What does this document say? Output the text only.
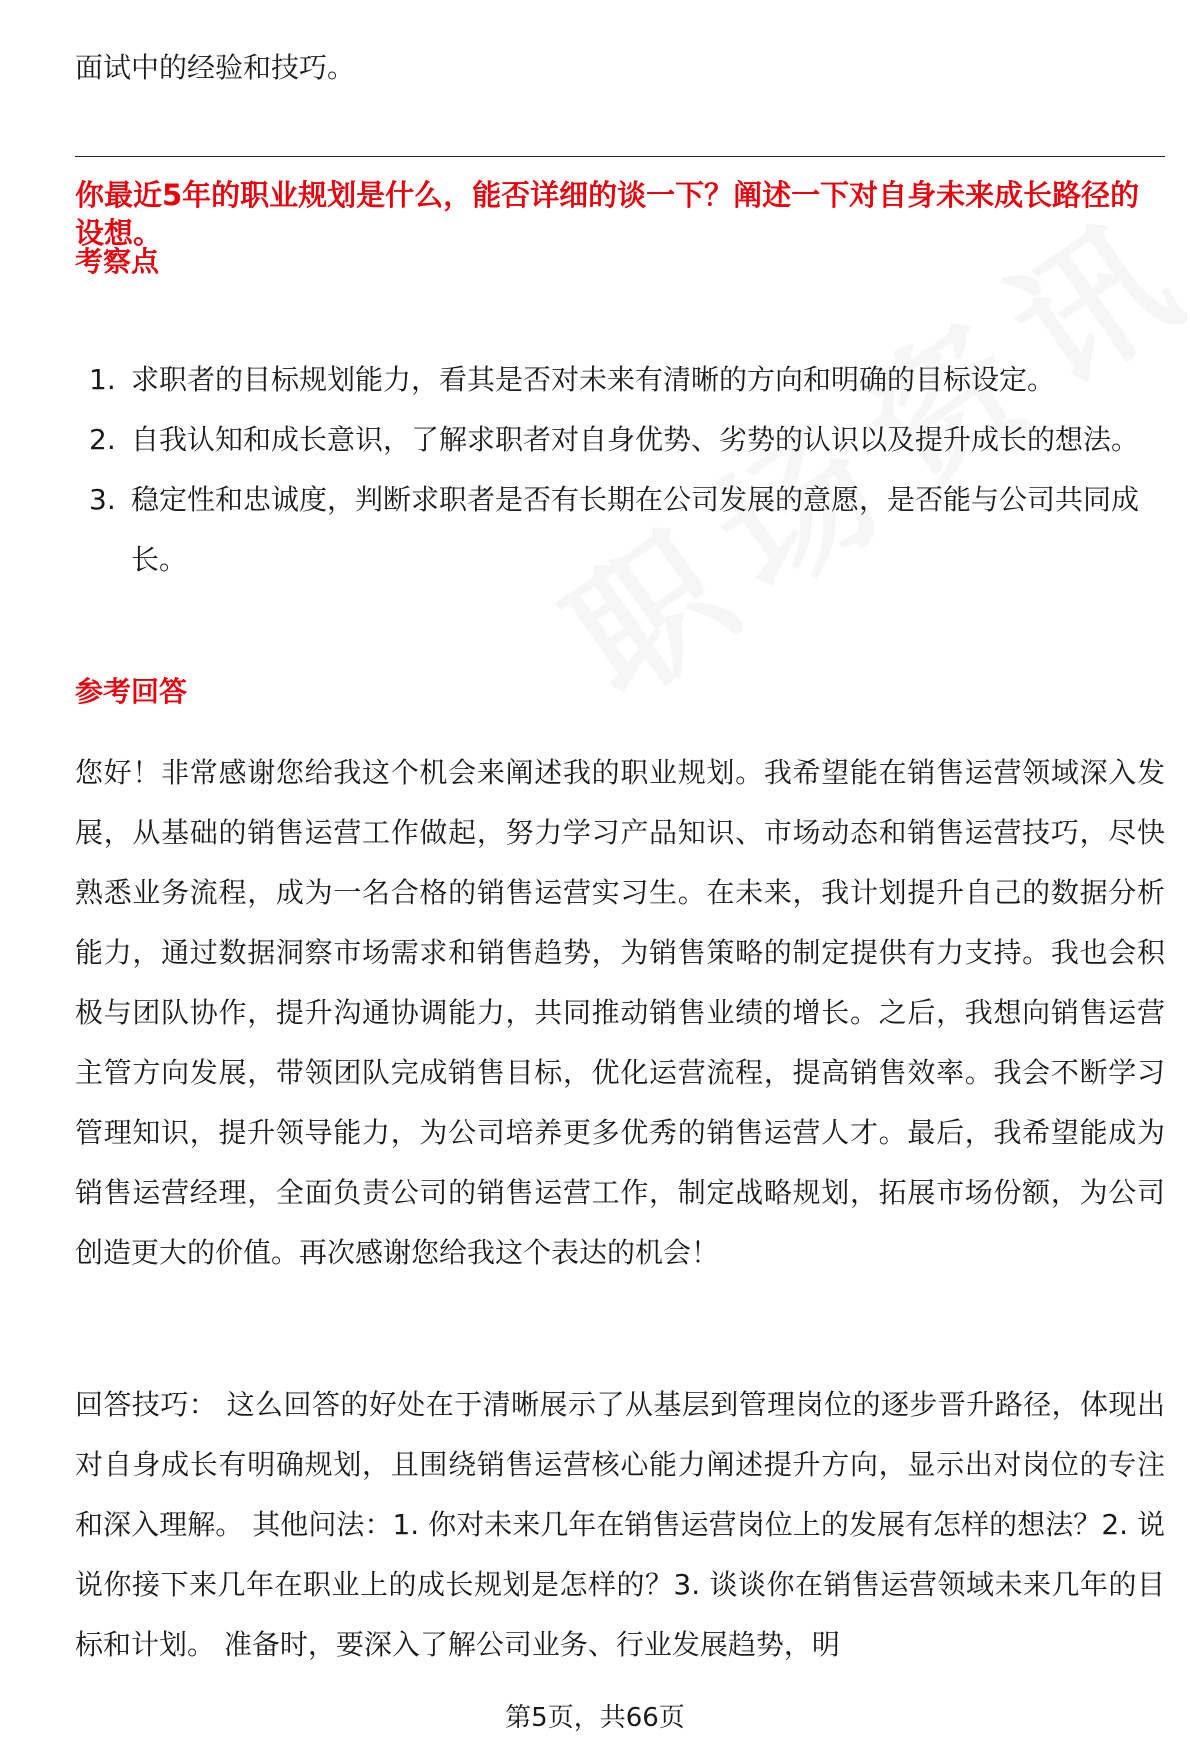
面试中的经验和技巧。
你最近5年的职业规划是什么，能否详细的谈一下？阐述一下对自身未来成长路径的设想。
考察点
1. 求职者的目标规划能力，看其是否对未来有清晰的方向和明确的目标设定。
2. 自我认知和成长意识，了解求职者对自身优势、劣势的认识以及提升成长的想法。
3. 稳定性和忠诚度，判断求职者是否有长期在公司发展的意愿，是否能与公司共同成长。
参考回答

您好！非常感谢您给我这个机会来阐述我的职业规划。我希望能在销售运营领域深入发展，从基础的销售运营工作做起，努力学习产品知识、市场动态和销售运营技巧，尽快熟悉业务流程，成为一名合格的销售运营实习生。在未来，我计划提升自己的数据分析能力，通过数据洞察市场需求和销售趋势，为销售策略的制定提供有力支持。我也会积极与团队协作，提升沟通协调能力，共同推动销售业绩的增长。之后，我想向销售运营主管方向发展，带领团队完成销售目标，优化运营流程，提高销售效率。我会不断学习管理知识，提升领导能力，为公司培养更多优秀的销售运营人才。最后，我希望能成为销售运营经理，全面负责公司的销售运营工作，制定战略规划，拓展市场份额，为公司创造更大的价值。再次感谢您给我这个表达的机会！

回答技巧： 这么回答的好处在于清晰展示了从基层到管理岗位的逐步晋升路径，体现出对自身成长有明确规划，且围绕销售运营核心能力阐述提升方向，显示出对岗位的专注和深入理解。 其他问法：1. 你对未来几年在销售运营岗位上的发展有怎样的想法？2. 说说你接下来几年在职业上的成长规划是怎样的？3. 谈谈你在销售运营领域未来几年的目标和计划。 准备时，要深入了解公司业务、行业发展趋势，明

第5页，共66页
